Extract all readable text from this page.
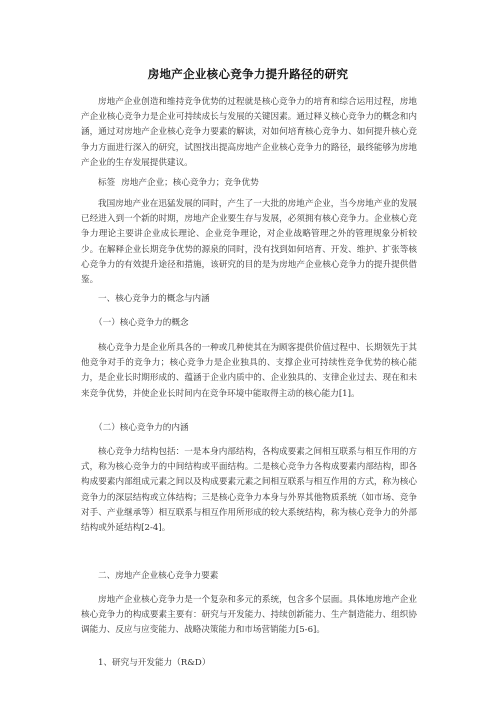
房地产企业核心竞争力提升路径的研究

房地产企业创造和维持竞争优势的过程就是核心竞争力的培育和综合运用过程，房地产企业核心竞争力是企业可持续成长与发展的关键因素。通过释义核心竞争力的概念和内涵，通过对房地产企业核心竞争力要素的解读，对如何培育核心竞争力、如何提升核心竞争力方面进行深入的研究，试图找出提高房地产企业核心竞争力的路径，最终能够为房地产企业的生存发展提供建议。

标签 房地产企业；核心竞争力；竞争优势

我国房地产业在迅猛发展的同时，产生了一大批的房地产企业，当今房地产业的发展已经进入到一个新的时期，房地产企业要生存与发展，必须拥有核心竞争力。企业核心竞争力理论主要讲企业成长理论、企业竞争理论，对企业战略管理之外的管理规象分析较少。在解释企业长期竞争优势的源泉的同时，没有找到如何培育、开发、维护、扩张等核心竞争力的有效提升途径和措施，该研究的目的是为房地产企业核心竞争力的提升提供借鉴。

一、核心竞争力的概念与内涵
（一）核心竞争力的概念

核心竞争力是企业所具各的一种或几种使其在为顾客提供价值过程中、长期领先于其他竞争对手的竞争力；核心竞争力是企业独具的、支撑企业可持续性竞争优势的核心能力，是企业长时期形成的、蕴涵于企业内质中的、企业独具的、支律企业过去、现在和未来竞争优势，并使企业长时间内在竞争环境中能取得主动的核心能力[1]。

（二）核心竞争力的内涵

核心竞争力结构包括：一是本身内部结构，各构成要素之间相互联系与相互作用的方式，称为核心竞争力的中间结构或平面结构。二是核心竞争力各构成要素内部结构，即各构成要素内部组成元素之间以及构成要素元素之间相互联系与相互作用的方式，称为核心竞争力的深层结构或立体结构；三是核心竞争力本身与外界其他物质系统（如市场、竞争对手、产业继承等）相互联系与相互作用所形成的较大系统结构，称为核心竞争力的外部结构或外延结构[2-4]。

二、房地产企业核心竞争力要素

房地产企业核心竞争力是一个复杂和多元的系统，包含多个层面。具体地房地产企业核心竞争力的构成要素主要有：研究与开发能力、持续创新能力、生产制造能力、组织协调能力、反应与应变能力、战略决策能力和市场营销能力[5-6]。

1、研究与开发能力（R&D）
